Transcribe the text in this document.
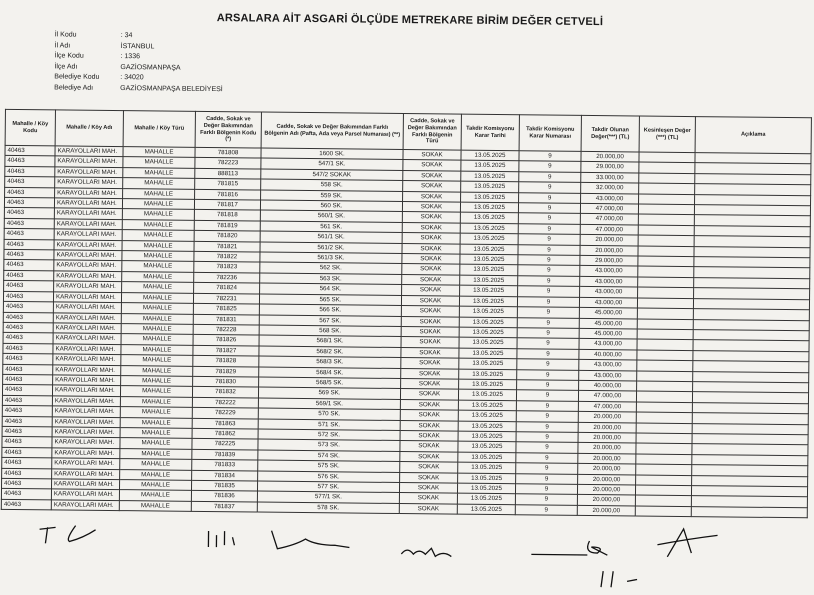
ARSALARA AİT ASGARİ ÖLÇÜDE METREKARE BİRİM DEĞER CETVELİ
İl Kodu	: 34
İl Adı	İSTANBUL
İlçe Kodu	: 1336
İlçe Adı	GAZİOSMANPAŞA
Belediye Kodu	: 34020
Belediye Adı	GAZİOSMANPAŞA BELEDİYESİ
Mahalle / Köy Kodu	Mahalle / Köy Adı	Mahalle / Köy Türü	Cadde, Sokak ve Değer Bakımından Farklı Bölgenin Kodu (*)	Cadde, Sokak ve Değer Bakımından Farklı Bölgenin Adı (Pafta, Ada veya Parsel Numarası) (**)	Cadde, Sokak ve Değer Bakımından Farklı Bölgenin Türü	Takdir Komisyonu Karar Tarihi	Takdir Komisyonu Karar Numarası	Takdir Olunan Değer(***) (TL)	Kesinleşen Değer (***) (TL)	Açıklama
40463	KARAYOLLARI MAH.	MAHALLE	781808	1600 SK.	SOKAK	13.05.2025	9	20.000,00		
40463	KARAYOLLARI MAH.	MAHALLE	782223	547/1 SK.	SOKAK	13.05.2025	9	29.000,00		
40463	KARAYOLLARI MAH.	MAHALLE	888113	547/2 SOKAK	SOKAK	13.05.2025	9	33.000,00		
40463	KARAYOLLARI MAH.	MAHALLE	781815	558 SK.	SOKAK	13.05.2025	9	32.000,00		
40463	KARAYOLLARI MAH.	MAHALLE	781816	559 SK.	SOKAK	13.05.2025	9	43.000,00		
40463	KARAYOLLARI MAH.	MAHALLE	781817	560 SK.	SOKAK	13.05.2025	9	47.000,00		
40463	KARAYOLLARI MAH.	MAHALLE	781818	560/1 SK.	SOKAK	13.05.2025	9	47.000,00		
40463	KARAYOLLARI MAH.	MAHALLE	781819	561 SK.	SOKAK	13.05.2025	9	47.000,00		
40463	KARAYOLLARI MAH.	MAHALLE	781820	561/1 SK.	SOKAK	13.05.2025	9	20.000,00		
40463	KARAYOLLARI MAH.	MAHALLE	781821	561/2 SK.	SOKAK	13.05.2025	9	20.000,00		
40463	KARAYOLLARI MAH.	MAHALLE	781822	561/3 SK.	SOKAK	13.05.2025	9	29.000,00		
40463	KARAYOLLARI MAH.	MAHALLE	781823	562 SK.	SOKAK	13.05.2025	9	43.000,00		
40463	KARAYOLLARI MAH.	MAHALLE	782236	563 SK.	SOKAK	13.05.2025	9	43.000,00		
40463	KARAYOLLARI MAH.	MAHALLE	781824	564 SK.	SOKAK	13.05.2025	9	43.000,00		
40463	KARAYOLLARI MAH.	MAHALLE	782231	565 SK.	SOKAK	13.05.2025	9	43.000,00		
40463	KARAYOLLARI MAH.	MAHALLE	781825	566 SK.	SOKAK	13.05.2025	9	45.000,00		
40463	KARAYOLLARI MAH.	MAHALLE	781831	567 SK.	SOKAK	13.05.2025	9	45.000,00		
40463	KARAYOLLARI MAH.	MAHALLE	782228	568 SK.	SOKAK	13.05.2025	9	45.000,00		
40463	KARAYOLLARI MAH.	MAHALLE	781826	568/1 SK.	SOKAK	13.05.2025	9	43.000,00		
40463	KARAYOLLARI MAH.	MAHALLE	781827	568/2 SK.	SOKAK	13.05.2025	9	40.000,00		
40463	KARAYOLLARI MAH.	MAHALLE	781828	568/3 SK.	SOKAK	13.05.2025	9	43.000,00		
40463	KARAYOLLARI MAH.	MAHALLE	781829	568/4 SK.	SOKAK	13.05.2025	9	43.000,00		
40463	KARAYOLLARI MAH.	MAHALLE	781830	568/5 SK.	SOKAK	13.05.2025	9	40.000,00		
40463	KARAYOLLARI MAH.	MAHALLE	781832	569 SK.	SOKAK	13.05.2025	9	47.000,00		
40463	KARAYOLLARI MAH.	MAHALLE	782222	569/1 SK.	SOKAK	13.05.2025	9	47.000,00		
40463	KARAYOLLARI MAH.	MAHALLE	782229	570 SK.	SOKAK	13.05.2025	9	20.000,00		
40463	KARAYOLLARI MAH.	MAHALLE	781863	571 SK.	SOKAK	13.05.2025	9	20.000,00		
40463	KARAYOLLARI MAH.	MAHALLE	781862	572 SK.	SOKAK	13.05.2025	9	20.000,00		
40463	KARAYOLLARI MAH.	MAHALLE	782225	573 SK.	SOKAK	13.05.2025	9	20.000,00		
40463	KARAYOLLARI MAH.	MAHALLE	781839	574 SK.	SOKAK	13.05.2025	9	20.000,00		
40463	KARAYOLLARI MAH.	MAHALLE	781833	575 SK.	SOKAK	13.05.2025	9	20.000,00		
40463	KARAYOLLARI MAH.	MAHALLE	781834	576 SK.	SOKAK	13.05.2025	9	20.000,00		
40463	KARAYOLLARI MAH.	MAHALLE	781835	577 SK.	SOKAK	13.05.2025	9	20.000,00		
40463	KARAYOLLARI MAH.	MAHALLE	781836	577/1 SK.	SOKAK	13.05.2025	9	20.000,00		
40463	KARAYOLLARI MAH.	MAHALLE	781837	578 SK.	SOKAK	13.05.2025	9	20.000,00		
